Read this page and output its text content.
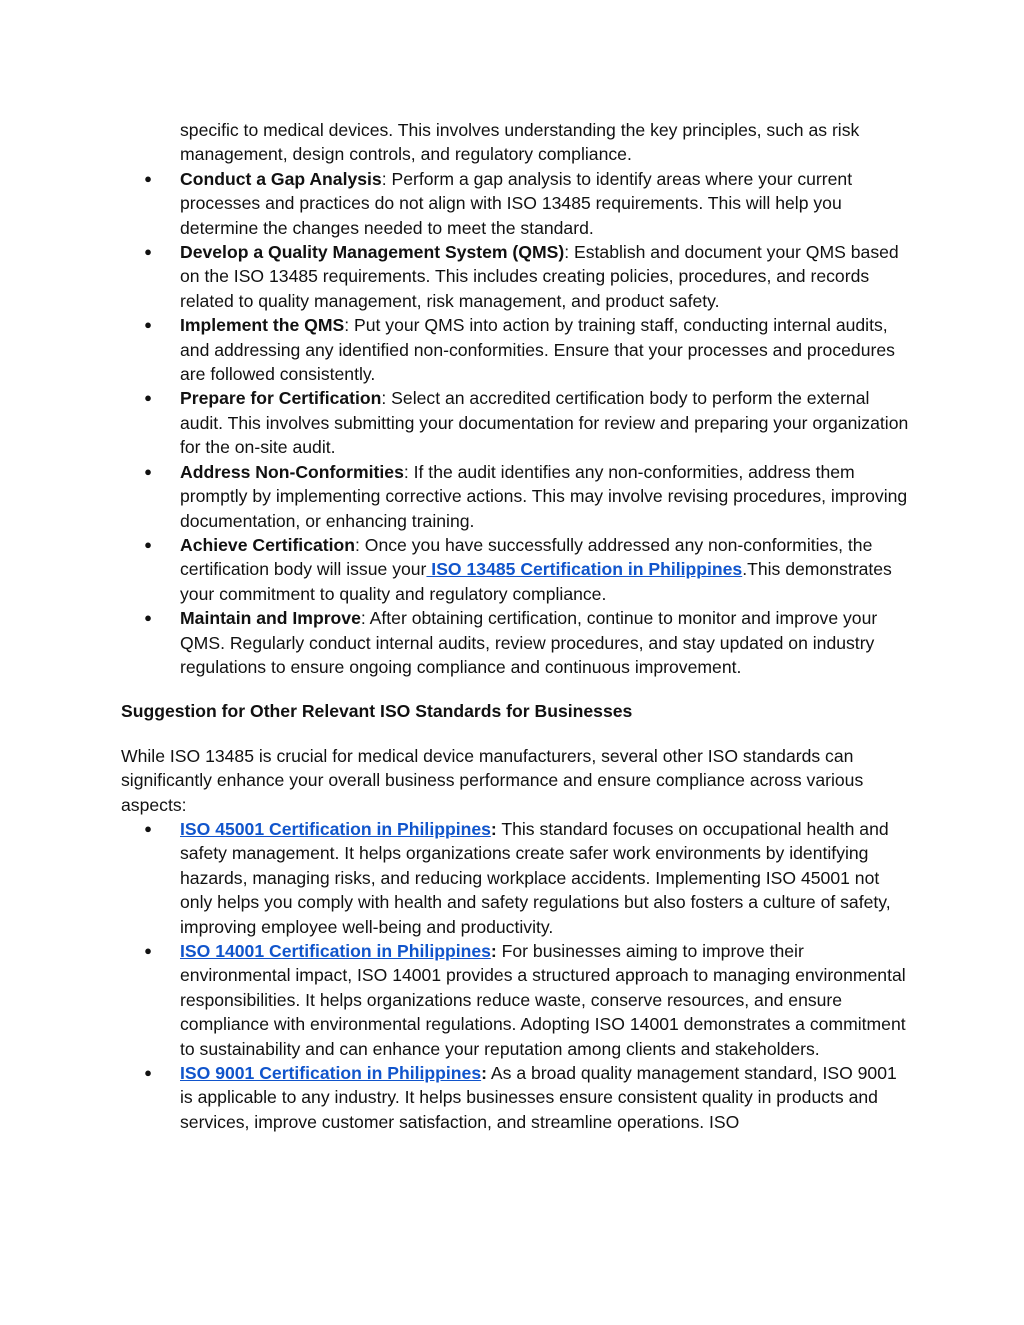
specific to medical devices. This involves understanding the key principles, such as risk management, design controls, and regulatory compliance.
●	Conduct a Gap Analysis: Perform a gap analysis to identify areas where your current processes and practices do not align with ISO 13485 requirements. This will help you determine the changes needed to meet the standard.
●	Develop a Quality Management System (QMS): Establish and document your QMS based on the ISO 13485 requirements. This includes creating policies, procedures, and records related to quality management, risk management, and product safety.
●	Implement the QMS: Put your QMS into action by training staff, conducting internal audits, and addressing any identified non-conformities. Ensure that your processes and procedures are followed consistently.
●	Prepare for Certification: Select an accredited certification body to perform the external audit. This involves submitting your documentation for review and preparing your organization for the on-site audit.
●	Address Non-Conformities: If the audit identifies any non-conformities, address them promptly by implementing corrective actions. This may involve revising procedures, improving documentation, or enhancing training.
●	Achieve Certification: Once you have successfully addressed any non-conformities, the certification body will issue your ISO 13485 Certification in Philippines.This demonstrates your commitment to quality and regulatory compliance.
●	Maintain and Improve: After obtaining certification, continue to monitor and improve your QMS. Regularly conduct internal audits, review procedures, and stay updated on industry regulations to ensure ongoing compliance and continuous improvement.
Suggestion for Other Relevant ISO Standards for Businesses
While ISO 13485 is crucial for medical device manufacturers, several other ISO standards can significantly enhance your overall business performance and ensure compliance across various aspects:
●	ISO 45001 Certification in Philippines: This standard focuses on occupational health and safety management. It helps organizations create safer work environments by identifying hazards, managing risks, and reducing workplace accidents. Implementing ISO 45001 not only helps you comply with health and safety regulations but also fosters a culture of safety, improving employee well-being and productivity.
●	ISO 14001 Certification in Philippines: For businesses aiming to improve their environmental impact, ISO 14001 provides a structured approach to managing environmental responsibilities. It helps organizations reduce waste, conserve resources, and ensure compliance with environmental regulations. Adopting ISO 14001 demonstrates a commitment to sustainability and can enhance your reputation among clients and stakeholders.
●	ISO 9001 Certification in Philippines: As a broad quality management standard, ISO 9001 is applicable to any industry. It helps businesses ensure consistent quality in products and services, improve customer satisfaction, and streamline operations. ISO
